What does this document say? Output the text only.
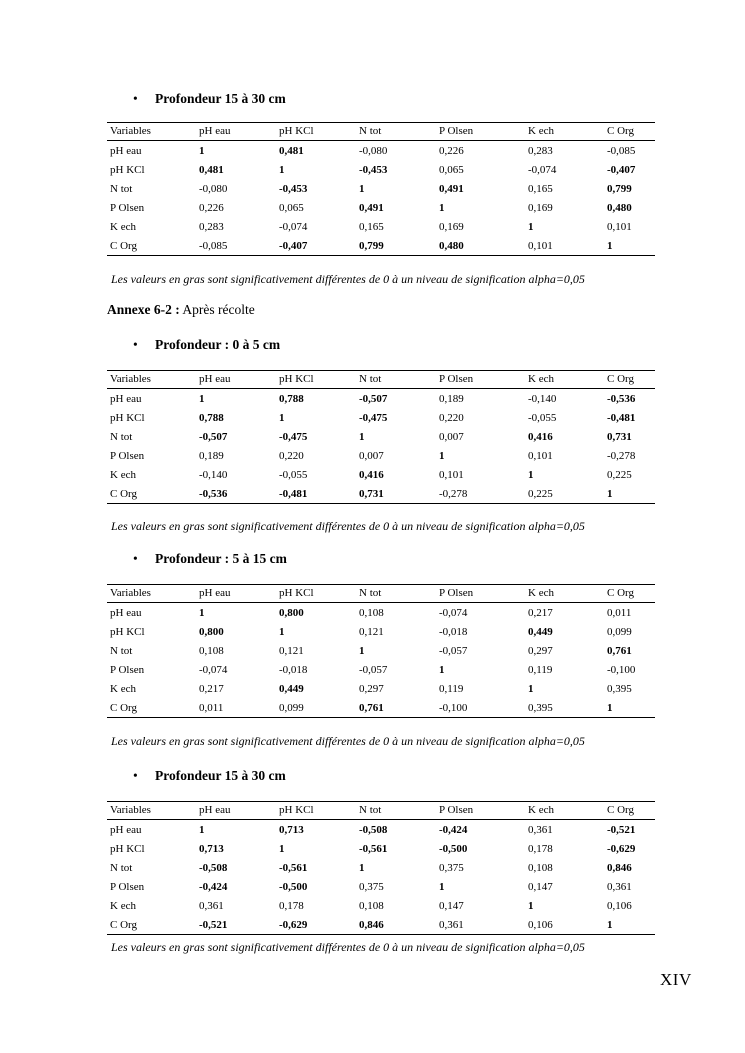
• Profondeur 15 à 30 cm
Variables	pH eau	pH KCl	N tot	P Olsen	K ech	C Org
pH eau	1	0,481	-0,080	0,226	0,283	-0,085
pH KCl	0,481	1	-0,453	0,065	-0,074	-0,407
N tot	-0,080	-0,453	1	0,491	0,165	0,799
P Olsen	0,226	0,065	0,491	1	0,169	0,480
K ech	0,283	-0,074	0,165	0,169	1	0,101
C Org	-0,085	-0,407	0,799	0,480	0,101	1
Les valeurs en gras sont significativement différentes de 0 à un niveau de signification alpha=0,05
Annexe 6-2 : Après récolte
• Profondeur : 0 à 5 cm
Variables	pH eau	pH KCl	N tot	P Olsen	K ech	C Org
pH eau	1	0,788	-0,507	0,189	-0,140	-0,536
pH KCl	0,788	1	-0,475	0,220	-0,055	-0,481
N tot	-0,507	-0,475	1	0,007	0,416	0,731
P Olsen	0,189	0,220	0,007	1	0,101	-0,278
K ech	-0,140	-0,055	0,416	0,101	1	0,225
C Org	-0,536	-0,481	0,731	-0,278	0,225	1
Les valeurs en gras sont significativement différentes de 0 à un niveau de signification alpha=0,05
• Profondeur : 5 à 15 cm
Variables	pH eau	pH KCl	N tot	P Olsen	K ech	C Org
pH eau	1	0,800	0,108	-0,074	0,217	0,011
pH KCl	0,800	1	0,121	-0,018	0,449	0,099
N tot	0,108	0,121	1	-0,057	0,297	0,761
P Olsen	-0,074	-0,018	-0,057	1	0,119	-0,100
K ech	0,217	0,449	0,297	0,119	1	0,395
C Org	0,011	0,099	0,761	-0,100	0,395	1
Les valeurs en gras sont significativement différentes de 0 à un niveau de signification alpha=0,05
• Profondeur 15 à 30 cm
Variables	pH eau	pH KCl	N tot	P Olsen	K ech	C Org
pH eau	1	0,713	-0,508	-0,424	0,361	-0,521
pH KCl	0,713	1	-0,561	-0,500	0,178	-0,629
N tot	-0,508	-0,561	1	0,375	0,108	0,846
P Olsen	-0,424	-0,500	0,375	1	0,147	0,361
K ech	0,361	0,178	0,108	0,147	1	0,106
C Org	-0,521	-0,629	0,846	0,361	0,106	1
Les valeurs en gras sont significativement différentes de 0 à un niveau de signification alpha=0,05
XIV
